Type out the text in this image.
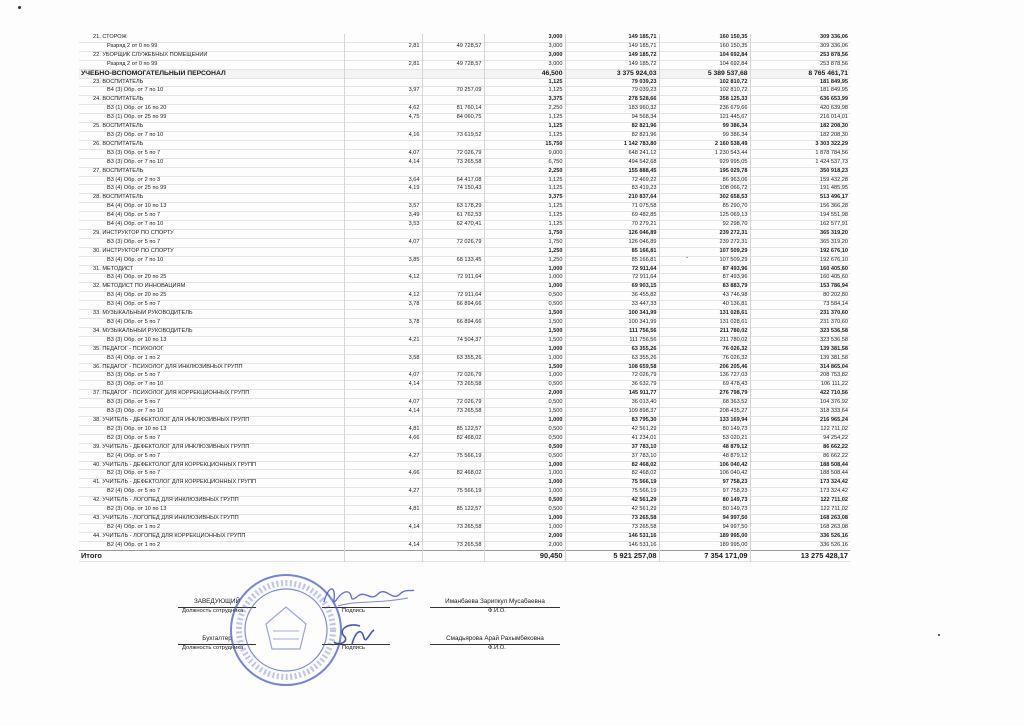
21. СТОРОЖ			3,000	149 185,71	160 150,35	309 336,06
Разряд 2 от 0 по 99	2,81	49 728,57	3,000	149 185,71	160 150,35	309 336,06
22. УБОРЩИК СЛУЖЕБНЫХ ПОМЕЩЕНИЙ			3,000	149 185,72	104 692,84	253 878,56
Разряд 2 от 0 по 99	2,81	49 728,57	3,000	149 185,72	104 692,84	253 878,56
УЧЕБНО-ВСПОМОГАТЕЛЬНЫЙ ПЕРСОНАЛ			46,500	3 375 924,03	5 389 537,68	8 765 461,71
23. ВОСПИТАТЕЛЬ			1,125	79 039,23	102 810,72	181 849,95
В4 (3) Обр. от 7 по 10	3,97	70 257,09	1,125	79 039,23	102 810,72	181 849,95
24. ВОСПИТАТЕЛЬ			3,375	278 528,66	358 125,33	636 653,99
В3 (1) Обр. от 16 по 20	4,62	81 760,14	2,250	183 960,32	236 679,66	420 639,98
В3 (1) Обр. от 25 по 99	4,75	84 060,75	1,125	94 568,34	121 445,67	216 014,01
25. ВОСПИТАТЕЛЬ			1,125	82 821,96	99 386,34	182 208,30
В3 (2) Обр. от 7 по 10	4,16	73 619,52	1,125	82 821,96	99 386,34	182 208,30
26. ВОСПИТАТЕЛЬ			15,750	1 142 783,80	2 160 538,49	3 303 322,29
В3 (3) Обр. от 5 по 7	4,07	72 026,79	9,000	648 241,12	1 230 543,44	1 878 784,56
В3 (3) Обр. от 7 по 10	4,14	73 265,58	6,750	494 542,68	929 995,05	1 424 537,73
27. ВОСПИТАТЕЛЬ			2,250	155 888,45	195 029,78	350 918,23
В3 (4) Обр. от 2 по 3	3,64	64 417,08	1,125	72 469,22	86 963,06	159 432,28
В3 (4) Обр. от 25 по 99	4,19	74 150,43	1,125	83 419,23	108 066,72	191 485,95
28. ВОСПИТАТЕЛЬ			3,375	210 837,64	302 658,53	513 496,17
В4 (4) Обр. от 10 по 13	3,57	63 178,29	1,125	71 075,58	85 290,70	156 366,28
В4 (4) Обр. от 5 по 7	3,49	61 762,53	1,125	69 482,85	125 069,13	194 551,98
В4 (4) Обр. от 7 по 10	3,53	62 470,41	1,125	70 279,21	92 298,70	162 577,91
29. ИНСТРУКТОР ПО СПОРТУ			1,750	126 046,89	239 272,31	365 319,20
В3 (3) Обр. от 5 по 7	4,07	72 026,79	1,750	126 046,89	239 272,31	365 319,20
30. ИНСТРУКТОР ПО СПОРТУ			1,250	85 166,81	107 509,29	192 676,10
В3 (4) Обр. от 7 по 10	3,85	68 133,45	1,250	85 166,81	107 509,29	192 676,10
31. МЕТОДИСТ			1,000	72 911,64	87 493,96	160 405,60
В3 (4) Обр. от 20 по 25	4,12	72 911,64	1,000	72 911,64	87 493,96	160 405,60
32. МЕТОДИСТ ПО ИННОВАЦИЯМ			1,000	69 903,15	83 883,79	153 786,94
В3 (4) Обр. от 20 по 25	4,12	72 911,64	0,500	36 455,82	43 746,98	80 202,80
В3 (4) Обр. от 5 по 7	3,78	66 894,66	0,500	33 447,33	40 136,81	73 584,14
33. МУЗЫКАЛЬНЫЙ РУКОВОДИТЕЛЬ			1,500	100 341,99	131 028,61	231 370,60
В3 (4) Обр. от 5 по 7	3,78	66 894,66	1,500	100 341,99	131 028,61	231 370,60
34. МУЗЫКАЛЬНЫЙ РУКОВОДИТЕЛЬ			1,500	111 756,56	211 780,02	323 536,58
В3 (3) Обр. от 10 по 13	4,21	74 504,37	1,500	111 756,56	211 780,02	323 536,58
35. ПЕДАГОГ - ПСИХОЛОГ			1,000	63 355,26	76 026,32	139 381,58
В3 (4) Обр. от 1 по 2	3,58	63 355,26	1,000	63 355,26	76 026,32	139 381,58
36. ПЕДАГОГ - ПСИХОЛОГ ДЛЯ ИНКЛЮЗИВНЫХ ГРУПП			1,500	108 659,58	206 205,46	314 865,04
В3 (3) Обр. от 5 по 7	4,07	72 026,79	1,000	72 026,79	136 727,03	208 753,82
В3 (3) Обр. от 7 по 10	4,14	73 265,58	0,500	36 632,79	69 478,43	106 111,22
37. ПЕДАГОГ - ПСИХОЛОГ ДЛЯ КОРРЕКЦИОННЫХ ГРУПП			2,000	145 911,77	276 798,79	422 710,56
В3 (3) Обр. от 5 по 7	4,07	72 026,79	0,500	36 013,40	68 363,52	104 376,92
В3 (3) Обр. от 7 по 10	4,14	73 265,58	1,500	109 898,37	208 435,27	318 333,64
38. УЧИТЕЛЬ - ДЕФЕКТОЛОГ ДЛЯ ИНКЛЮЗИВНЫХ ГРУПП			1,000	83 795,30	133 169,94	216 965,24
В2 (3) Обр. от 10 по 13	4,81	85 122,57	0,500	42 561,29	80 149,73	122 711,02
В2 (3) Обр. от 5 по 7	4,66	82 468,02	0,500	41 234,01	53 020,21	94 254,22
39. УЧИТЕЛЬ - ДЕФЕКТОЛОГ ДЛЯ ИНКЛЮЗИВНЫХ ГРУПП			0,500	37 783,10	48 879,12	86 662,22
В2 (4) Обр. от 5 по 7	4,27	75 566,19	0,500	37 783,10	48 879,12	86 662,22
40. УЧИТЕЛЬ - ДЕФЕКТОЛОГ ДЛЯ КОРРЕКЦИОННЫХ ГРУПП			1,000	82 468,02	106 040,42	188 508,44
В2 (3) Обр. от 5 по 7	4,66	82 468,02	1,000	82 468,02	106 040,42	188 508,44
41. УЧИТЕЛЬ - ДЕФЕКТОЛОГ ДЛЯ КОРРЕКЦИОННЫХ ГРУПП			1,000	75 566,19	97 758,23	173 324,42
В2 (4) Обр. от 5 по 7	4,27	75 566,19	1,000	75 566,19	97 758,23	173 324,42
42. УЧИТЕЛЬ - ЛОГОПЕД ДЛЯ ИНКЛЮЗИВНЫХ ГРУПП			0,500	42 561,29	80 149,73	122 711,02
В2 (3) Обр. от 10 по 13	4,81	85 122,57	0,500	42 561,29	80 149,73	122 711,02
43. УЧИТЕЛЬ - ЛОГОПЕД ДЛЯ ИНКЛЮЗИВНЫХ ГРУПП			1,000	73 265,58	94 997,50	168 263,08
В2 (4) Обр. от 1 по 2	4,14	73 265,58	1,000	73 265,58	94 997,50	168 263,08
44. УЧИТЕЛЬ - ЛОГОПЕД ДЛЯ КОРРЕКЦИОННЫХ ГРУПП			2,000	146 531,16	189 995,00	336 526,16
В2 (4) Обр. от 1 по 2	4,14	73 265,58	2,000	146 531,16	189 995,00	336 526,16
Итого			90,450	5 921 257,08	7 354 171,09	13 275 428,17
ЗАВЕДУЮЩИЙ
Должность сотрудника	Подпись
Иманбаева Зарипкул Мусабаевна
Ф.И.О.
Бухгалтер
Должность сотрудника	Подпись
Смадьярова Арай Рахымбековна
Ф.И.О.
